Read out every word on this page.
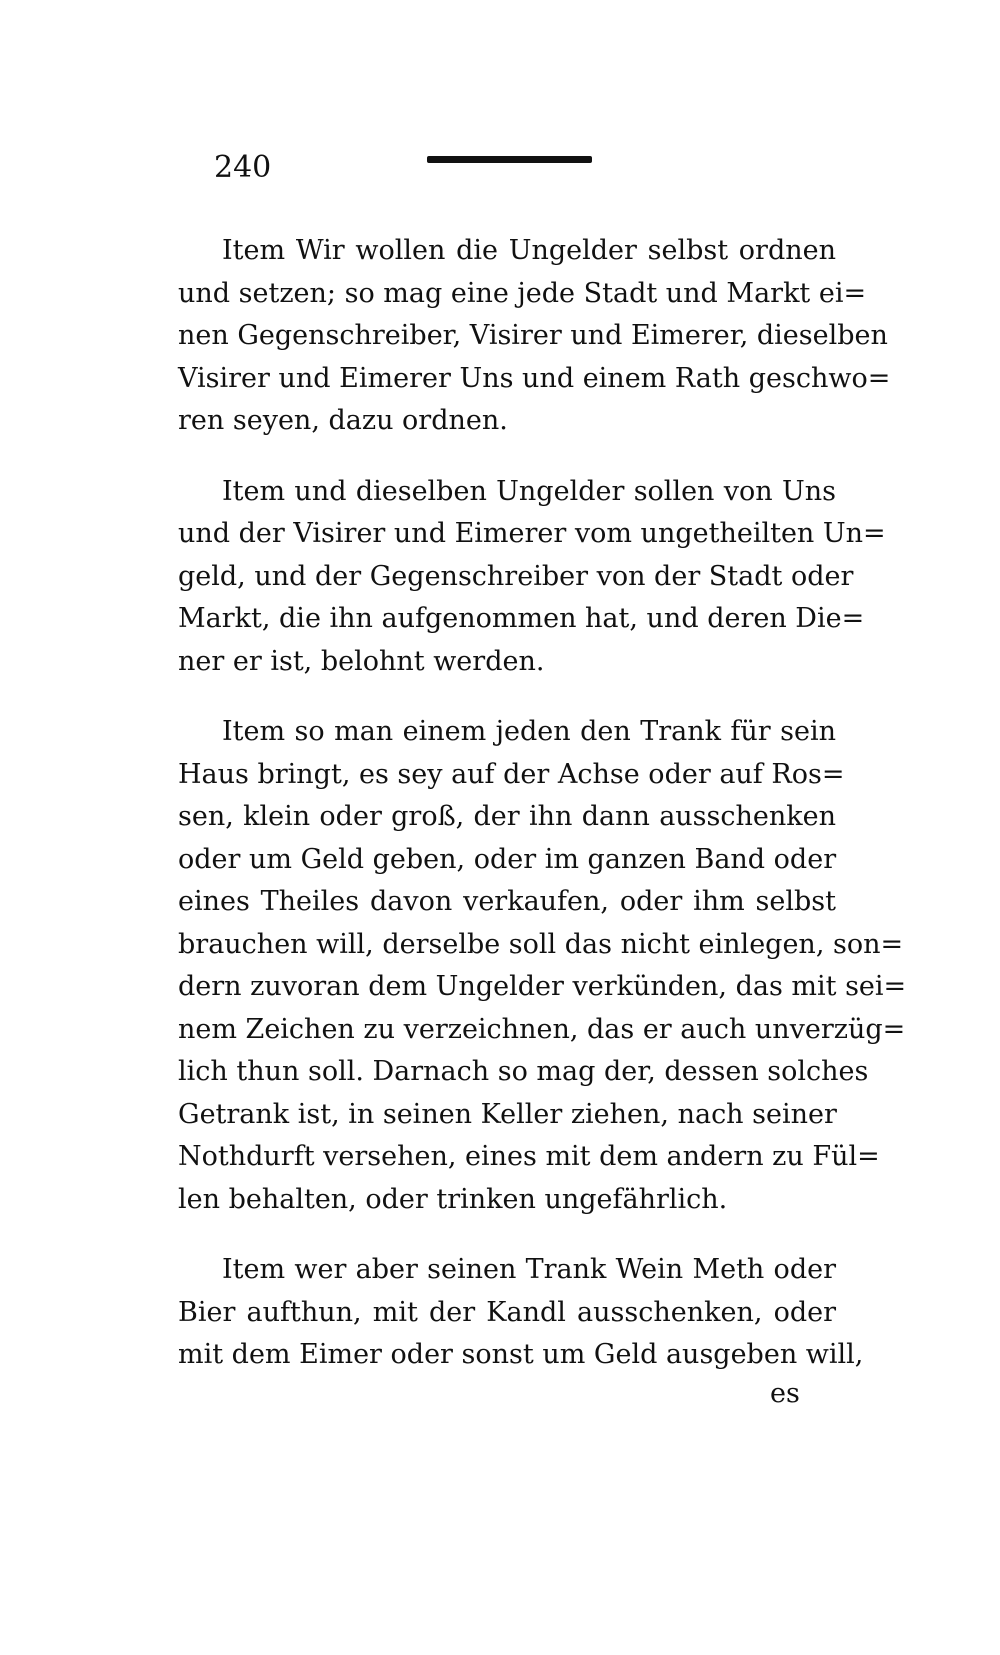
240
Item Wir wollen die Ungelder selbst ordnen
und setzen; so mag eine jede Stadt und Markt ei=
nen Gegenschreiber, Visirer und Eimerer, dieselben
Visirer und Eimerer Uns und einem Rath geschwo=
ren seyen, dazu ordnen.
Item und dieselben Ungelder sollen von Uns
und der Visirer und Eimerer vom ungetheilten Un=
geld, und der Gegenschreiber von der Stadt oder
Markt, die ihn aufgenommen hat, und deren Die=
ner er ist, belohnt werden.
Item so man einem jeden den Trank für sein
Haus bringt, es sey auf der Achse oder auf Ros=
sen, klein oder groß, der ihn dann ausschenken
oder um Geld geben, oder im ganzen Band oder
eines Theiles davon verkaufen, oder ihm selbst
brauchen will, derselbe soll das nicht einlegen, son=
dern zuvoran dem Ungelder verkünden, das mit sei=
nem Zeichen zu verzeichnen, das er auch unverzüg=
lich thun soll. Darnach so mag der, dessen solches
Getrank ist, in seinen Keller ziehen, nach seiner
Nothdurft versehen, eines mit dem andern zu Fül=
len behalten, oder trinken ungefährlich.
Item wer aber seinen Trank Wein Meth oder
Bier aufthun, mit der Kandl ausschenken, oder
mit dem Eimer oder sonst um Geld ausgeben will,
es
